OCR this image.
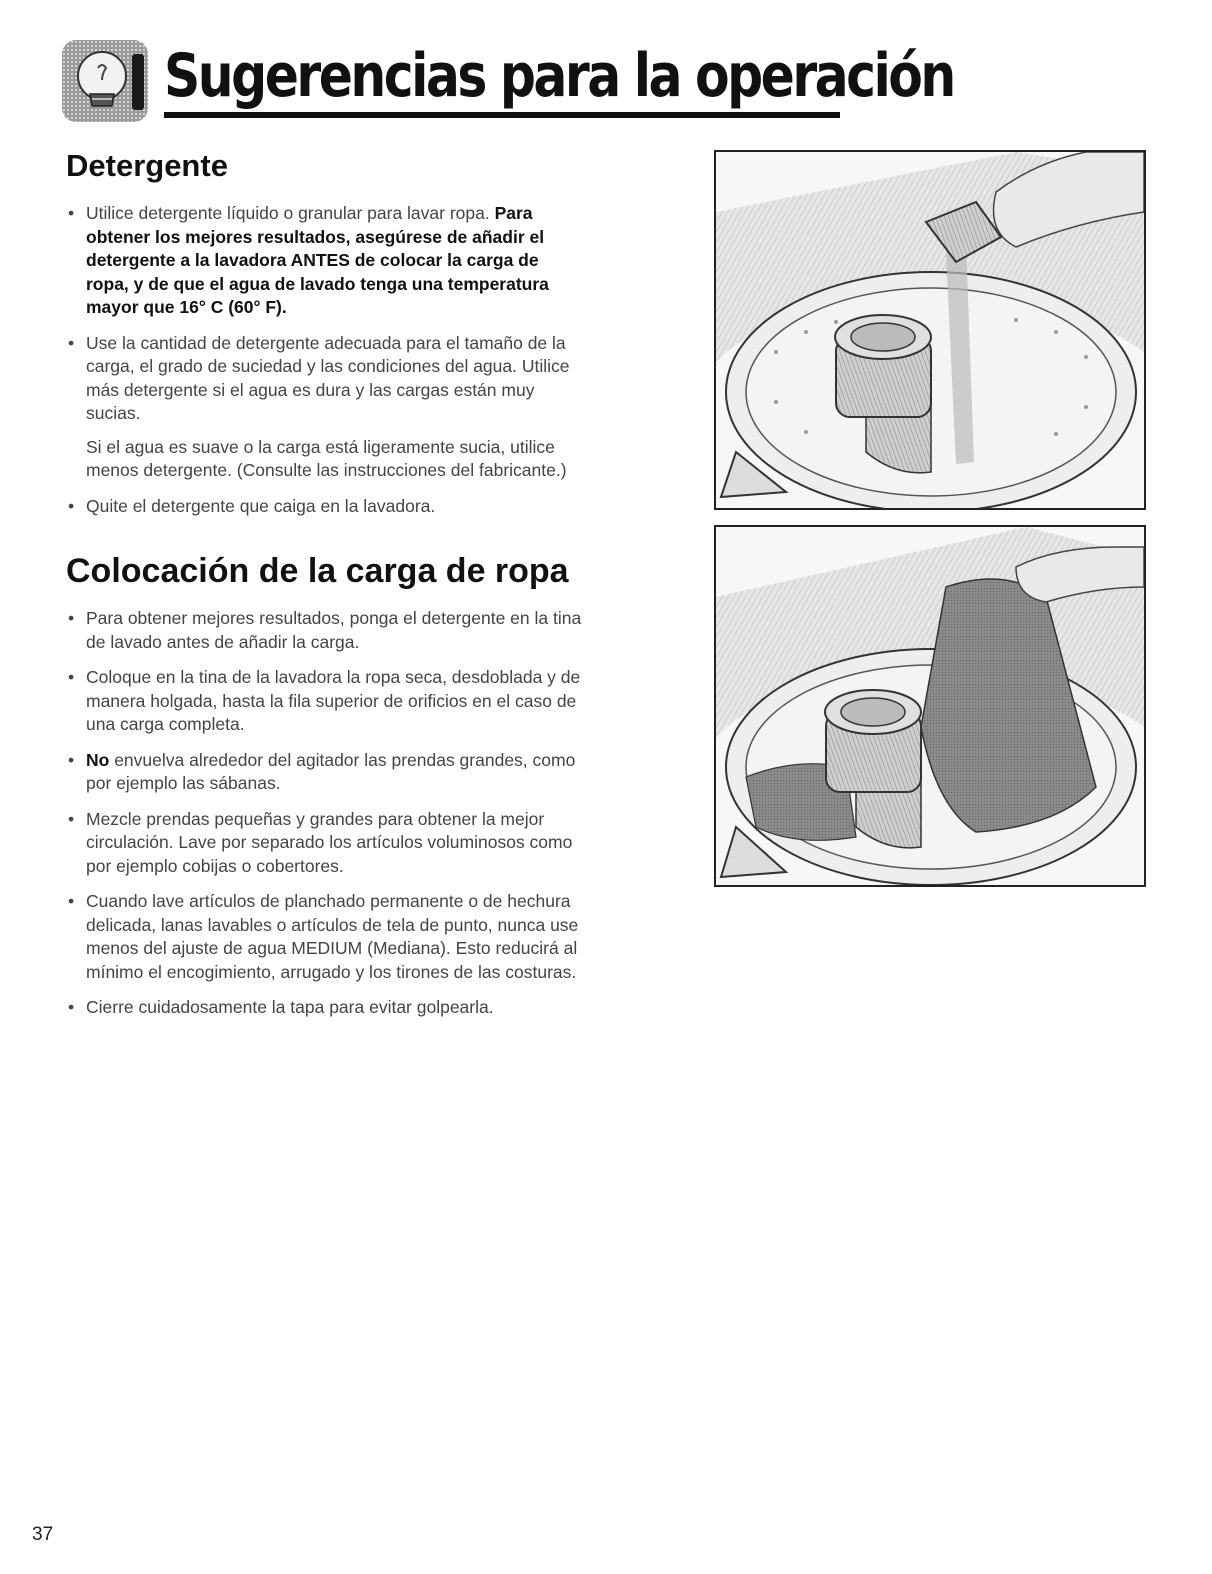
Sugerencias para la operación
Detergente
• Utilice detergente líquido o granular para lavar ropa. Para obtener los mejores resultados, asegúrese de añadir el detergente a la lavadora ANTES de colocar la carga de ropa, y de que el agua de lavado tenga una temperatura mayor que 16° C (60° F).
• Use la cantidad de detergente adecuada para el tamaño de la carga, el grado de suciedad y las condiciones del agua. Utilice más detergente si el agua es dura y las cargas están muy sucias.

Si el agua es suave o la carga está ligeramente sucia, utilice menos detergente. (Consulte las instrucciones del fabricante.)

• Quite el detergente que caiga en la lavadora.
Colocación de la carga de ropa
• Para obtener mejores resultados, ponga el detergente en la tina de lavado antes de añadir la carga.
• Coloque en la tina de la lavadora la ropa seca, desdoblada y de manera holgada, hasta la fila superior de orificios en el caso de una carga completa.
• No envuelva alrededor del agitador las prendas grandes, como por ejemplo las sábanas.
• Mezcle prendas pequeñas y grandes para obtener la mejor circulación. Lave por separado los artículos voluminosos como por ejemplo cobijas o cobertores.
• Cuando lave artículos de planchado permanente o de hechura delicada, lanas lavables o artículos de tela de punto, nunca use menos del ajuste de agua MEDIUM (Mediana). Esto reducirá al mínimo el encogimiento, arrugado y los tirones de las costuras.
• Cierre cuidadosamente la tapa para evitar golpearla.

37
